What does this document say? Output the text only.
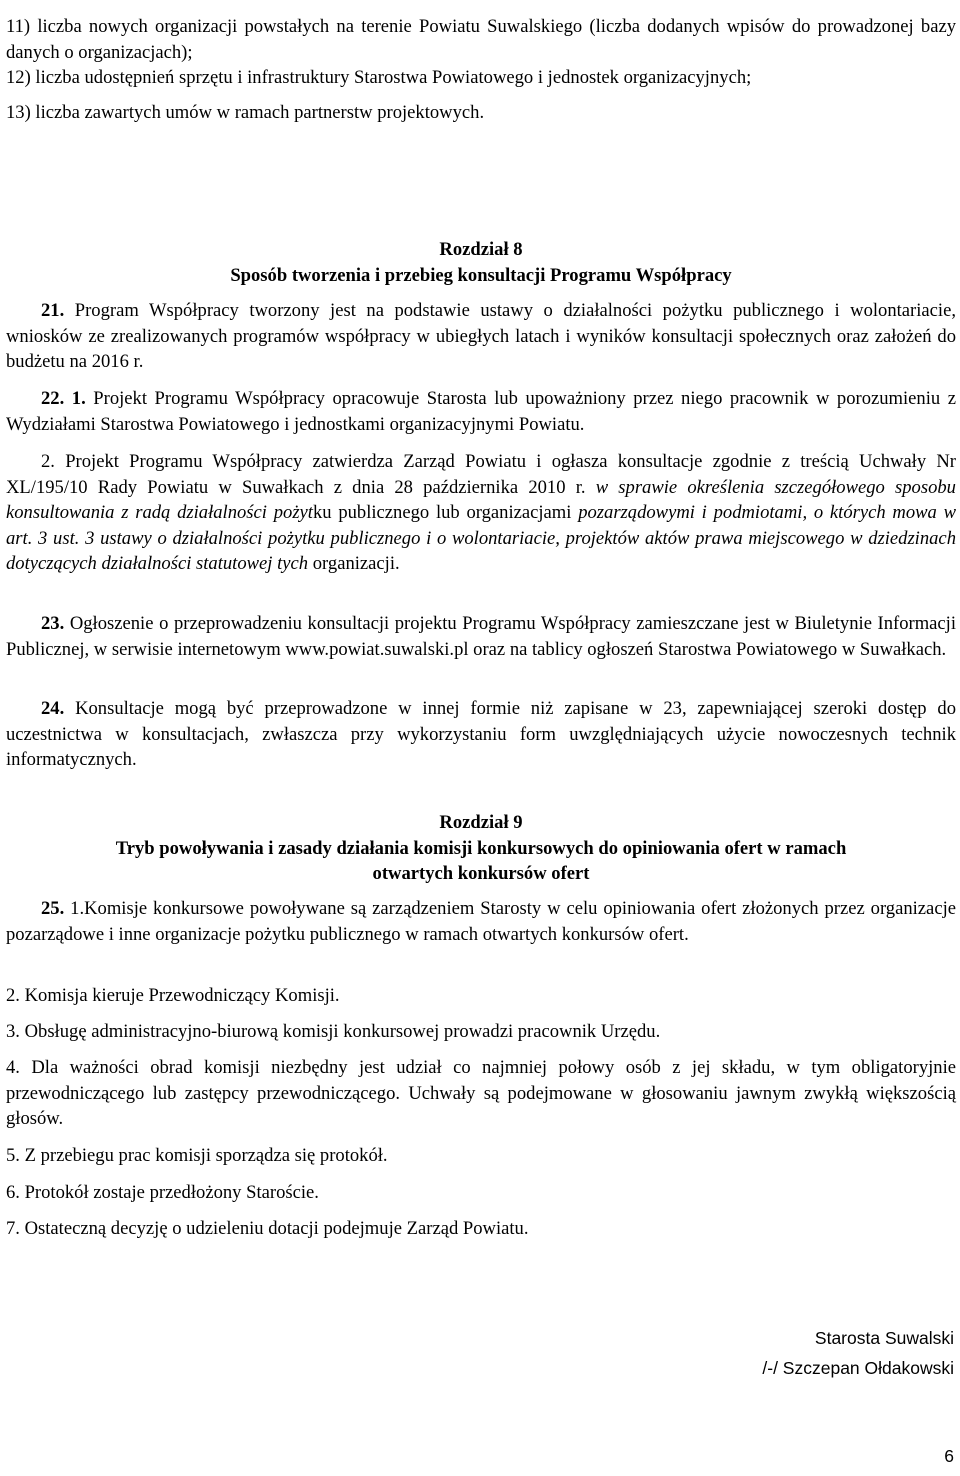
11) liczba nowych organizacji powstałych na terenie Powiatu Suwalskiego (liczba dodanych wpisów do prowadzonej bazy danych o organizacjach);

12) liczba udostępnień sprzętu i infrastruktury Starostwa Powiatowego i jednostek organizacyjnych;

13) liczba zawartych umów w ramach partnerstw projektowych.

Rozdział 8

Sposób tworzenia i przebieg konsultacji Programu Współpracy

21. Program Współpracy tworzony jest na podstawie ustawy o działalności pożytku publicznego i wolontariacie, wniosków ze zrealizowanych programów współpracy w ubiegłych latach i wyników konsultacji społecznych oraz założeń do budżetu na 2016 r.

22. 1. Projekt Programu Współpracy opracowuje Starosta lub upoważniony przez niego pracownik w porozumieniu z Wydziałami Starostwa Powiatowego i jednostkami organizacyjnymi Powiatu.

2. Projekt Programu Współpracy zatwierdza Zarząd Powiatu i ogłasza konsultacje zgodnie z treścią Uchwały Nr XL/195/10 Rady Powiatu w Suwałkach z dnia 28 października 2010 r. w sprawie określenia szczegółowego sposobu konsultowania z radą działalności pożytku publicznego lub organizacjami pozarządowymi i podmiotami, o których mowa w art. 3 ust. 3 ustawy o działalności pożytku publicznego i o wolontariacie, projektów aktów prawa miejscowego w dziedzinach dotyczących działalności statutowej tych organizacji.

23. Ogłoszenie o przeprowadzeniu konsultacji projektu Programu Współpracy zamieszczane jest w Biuletynie Informacji Publicznej, w serwisie internetowym www.powiat.suwalski.pl oraz na tablicy ogłoszeń Starostwa Powiatowego w Suwałkach.

24. Konsultacje mogą być przeprowadzone w innej formie niż zapisane w 23, zapewniającej szeroki dostęp do uczestnictwa w konsultacjach, zwłaszcza przy wykorzystaniu form uwzględniających użycie nowoczesnych technik informatycznych.

Rozdział 9

Tryb powoływania i zasady działania komisji konkursowych do opiniowania ofert w ramach

otwartych konkursów ofert

25. 1.Komisje konkursowe powoływane są zarządzeniem Starosty w celu opiniowania ofert złożonych przez organizacje pozarządowe i inne organizacje pożytku publicznego w ramach otwartych konkursów ofert.

2. Komisja kieruje Przewodniczący Komisji.

3. Obsługę administracyjno-biurową komisji konkursowej prowadzi pracownik Urzędu.

4. Dla ważności obrad komisji niezbędny jest udział co najmniej połowy osób z jej składu, w tym obligatoryjnie przewodniczącego lub zastępcy przewodniczącego. Uchwały są podejmowane w głosowaniu jawnym zwykłą większością głosów.

5. Z przebiegu prac komisji sporządza się protokół.

6. Protokół zostaje przedłożony Staroście.

7. Ostateczną decyzję o udzieleniu dotacji podejmuje Zarząd Powiatu.

Starosta Suwalski
/-/ Szczepan Ołdakowski
6
